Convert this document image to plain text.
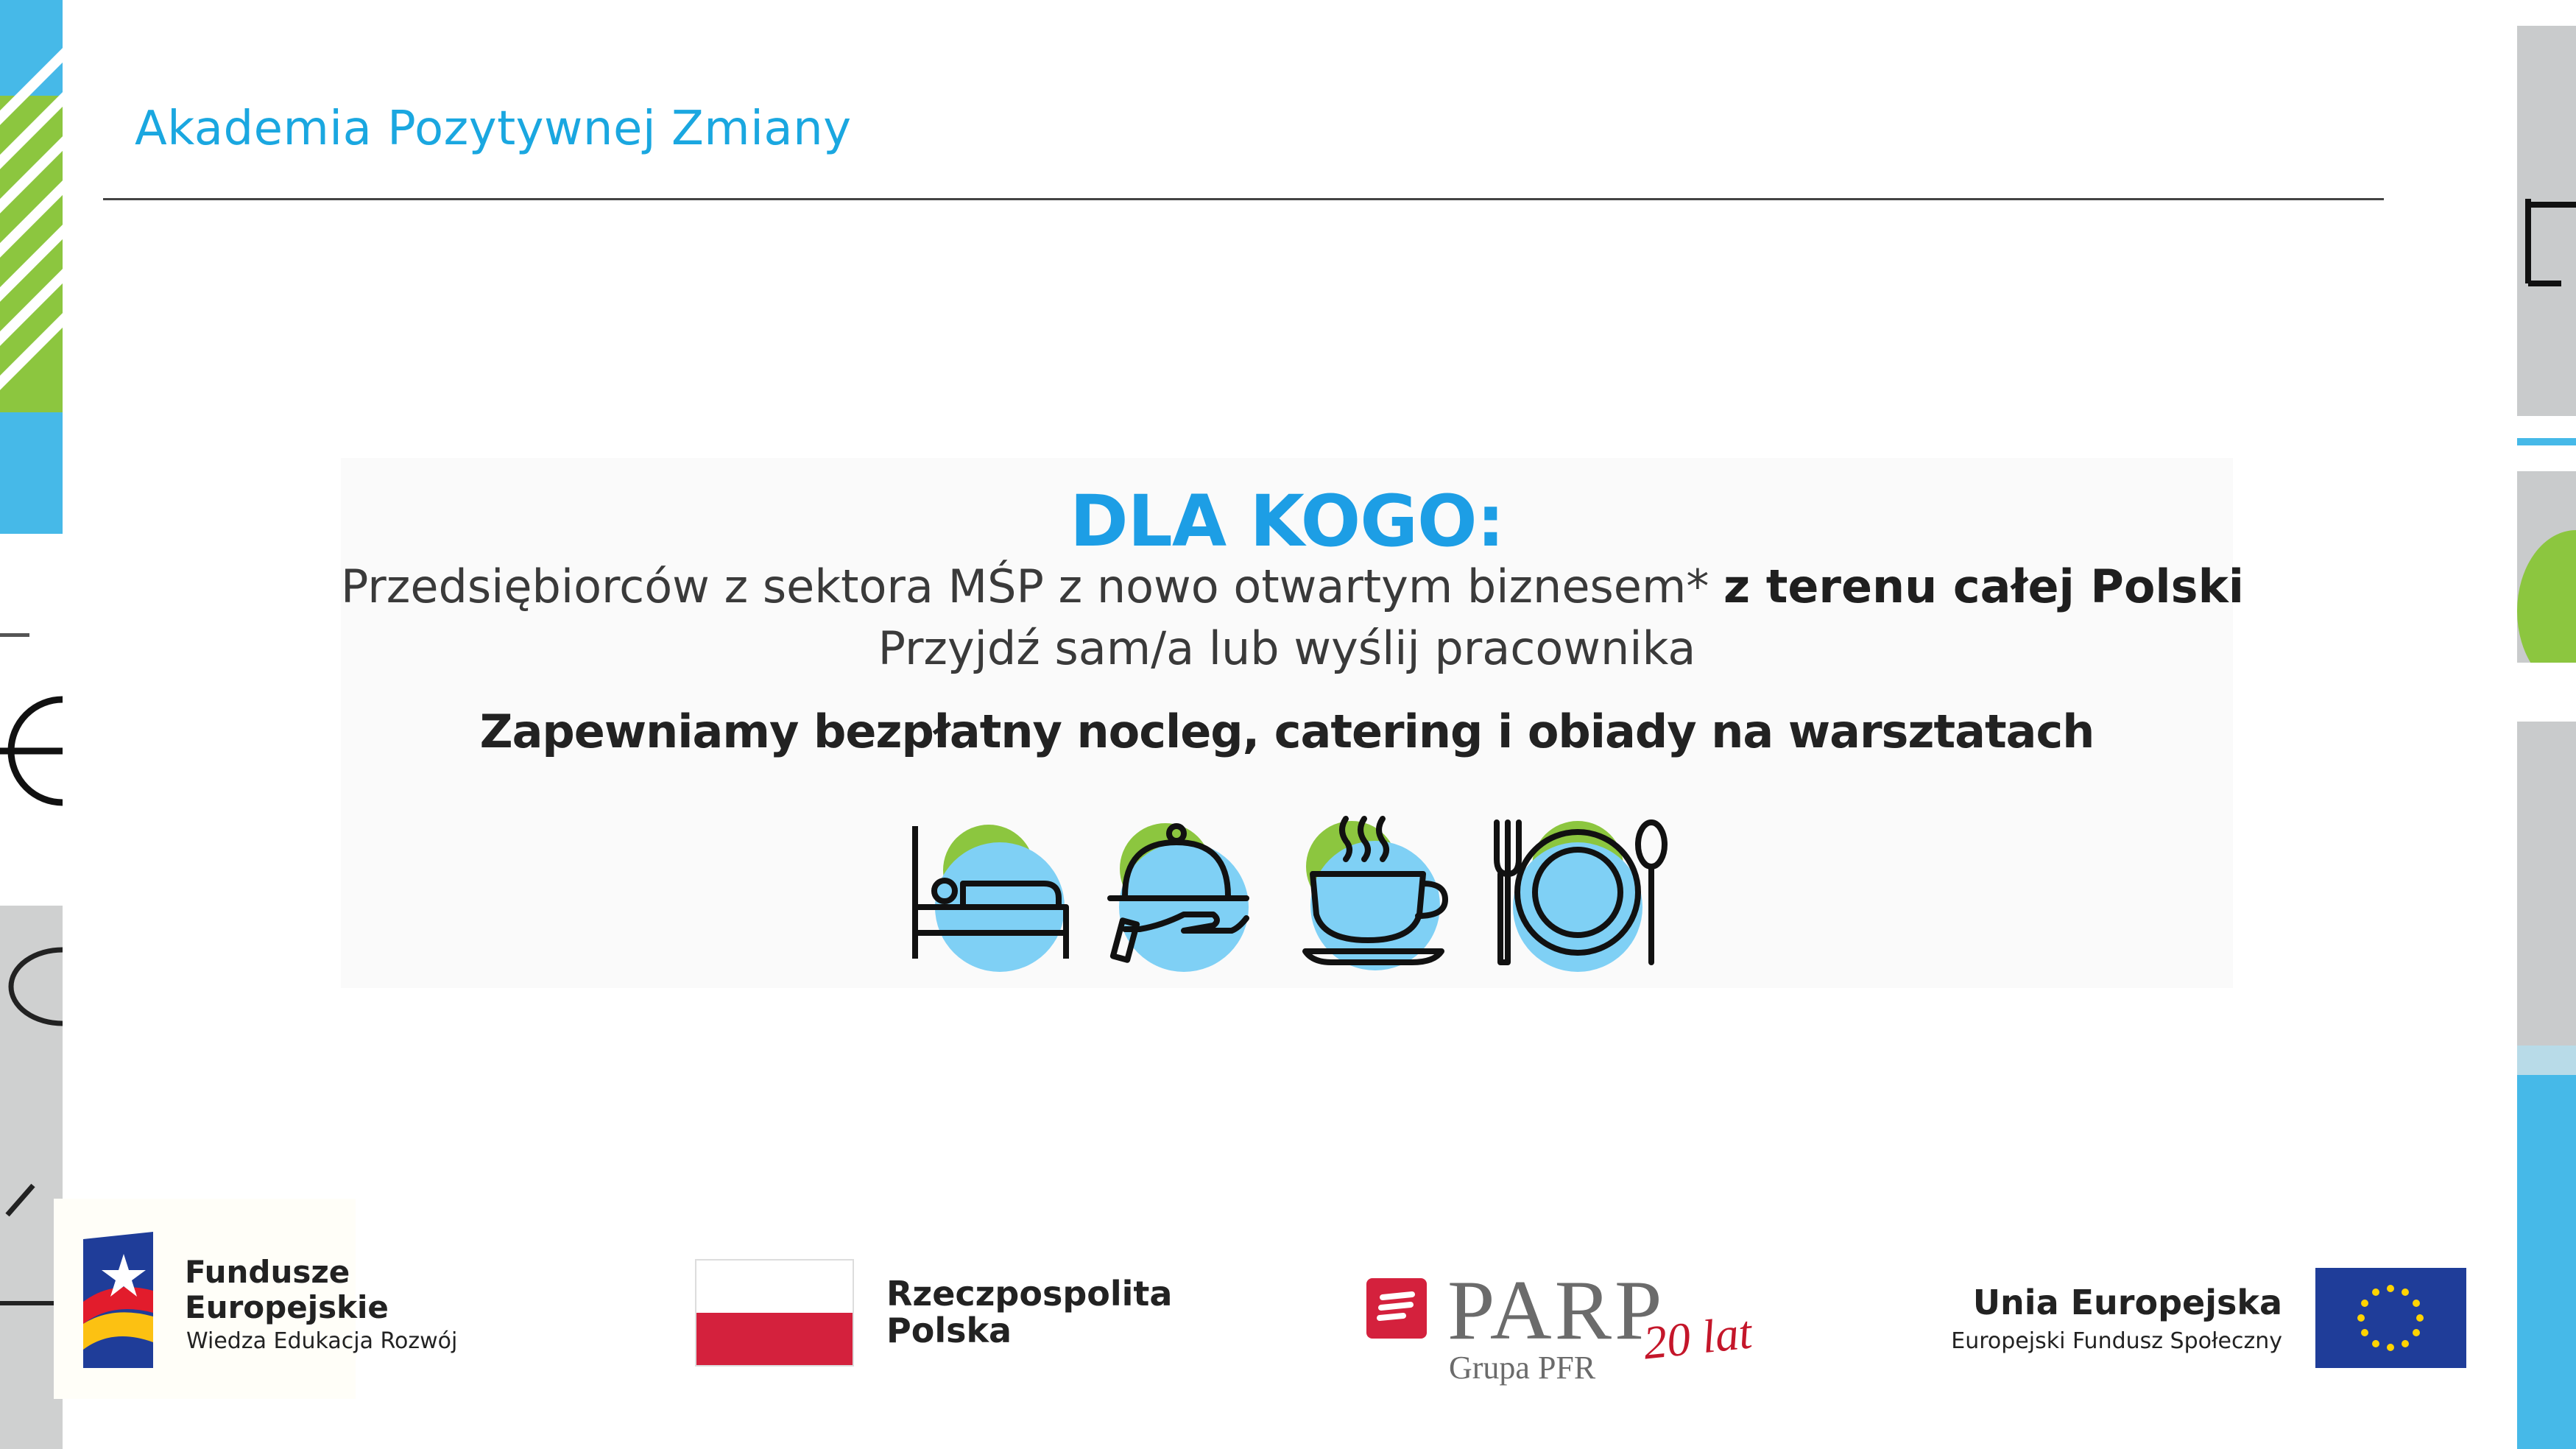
Akademia Pozytywnej Zmiany
DLA KOGO:
Przedsiębiorców z sektora MŚP z nowo otwartym biznesem* z terenu całej Polski
Przyjdź sam/a lub wyślij pracownika
Zapewniamy bezpłatny nocleg, catering i obiady na warsztatach
Fundusze
Europejskie
Wiedza Edukacja Rozwój
Rzeczpospolita
Polska	PARP
20 lat
Grupa PFR
Unia Europejska
Europejski Fundusz Społeczny
